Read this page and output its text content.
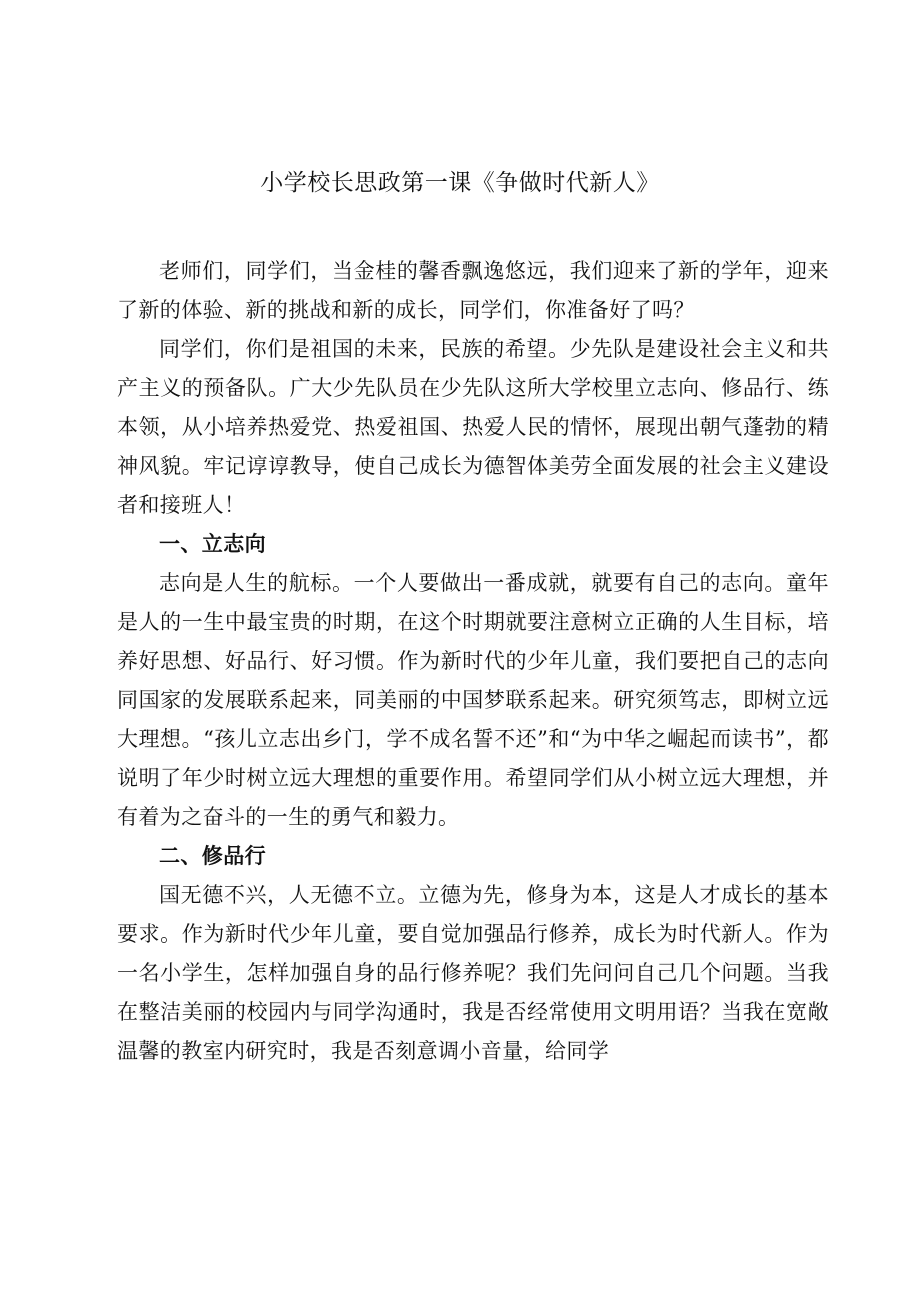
小学校长思政第一课《争做时代新人》

老师们，同学们，当金桂的馨香飘逸悠远，我们迎来了新的学年，迎来了新的体验、新的挑战和新的成长，同学们，你准备好了吗？

同学们，你们是祖国的未来，民族的希望。少先队是建设社会主义和共产主义的预备队。广大少先队员在少先队这所大学校里立志向、修品行、练本领，从小培养热爱党、热爱祖国、热爱人民的情怀，展现出朝气蓬勃的精神风貌。牢记谆谆教导，使自己成长为德智体美劳全面发展的社会主义建设者和接班人！

一、立志向

志向是人生的航标。一个人要做出一番成就，就要有自己的志向。童年是人的一生中最宝贵的时期，在这个时期就要注意树立正确的人生目标，培养好思想、好品行、好习惯。作为新时代的少年儿童，我们要把自己的志向同国家的发展联系起来，同美丽的中国梦联系起来。研究须笃志，即树立远大理想。“孩儿立志出乡门，学不成名誓不还”和“为中华之崛起而读书”，都说明了年少时树立远大理想的重要作用。希望同学们从小树立远大理想，并有着为之奋斗的一生的勇气和毅力。

二、修品行

国无德不兴，人无德不立。立德为先，修身为本，这是人才成长的基本要求。作为新时代少年儿童，要自觉加强品行修养，成长为时代新人。作为一名小学生，怎样加强自身的品行修养呢？我们先问问自己几个问题。当我在整洁美丽的校园内与同学沟通时，我是否经常使用文明用语？当我在宽敞温馨的教室内研究时，我是否刻意调小音量，给同学
